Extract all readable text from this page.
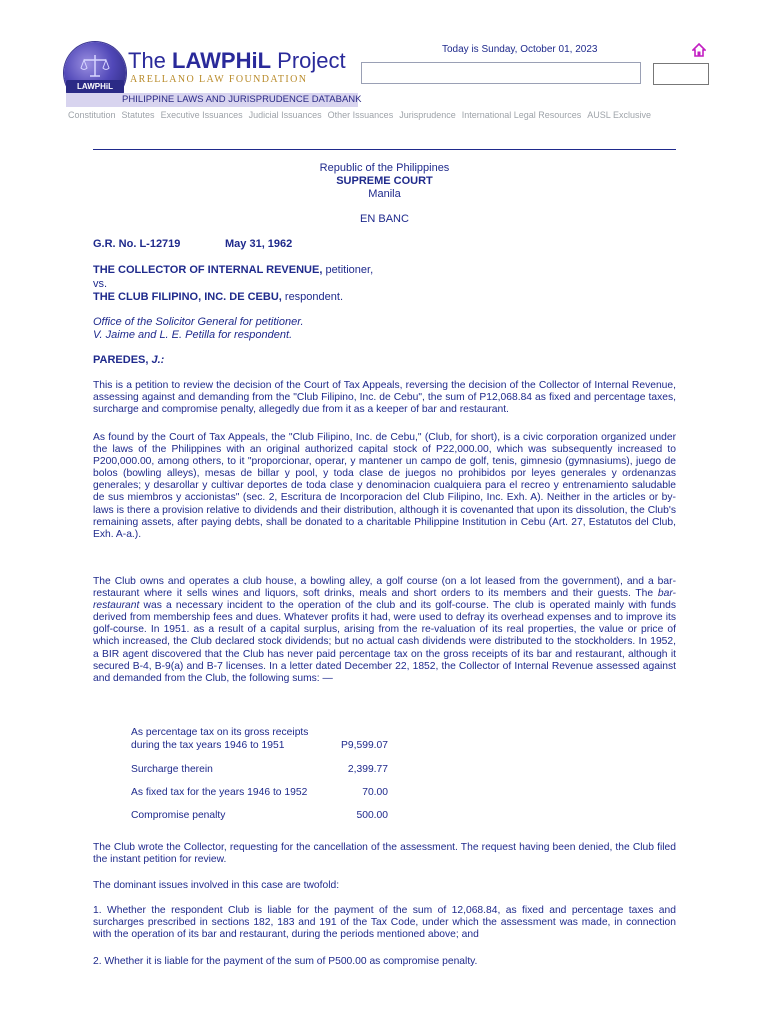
LAWPHiL
The LAWPHiL Project
ARELLANO LAW FOUNDATION
PHILIPPINE LAWS AND JURISPRUDENCE DATABANK
Today is Sunday, October 01, 2023
Constitution Statutes Executive Issuances Judicial Issuances Other Issuances Jurisprudence International Legal Resources AUSL Exclusive
Republic of the Philippines
SUPREME COURT
Manila
EN BANC
G.R. No. L-12719	May 31, 1962
THE COLLECTOR OF INTERNAL REVENUE, petitioner,
vs.
THE CLUB FILIPINO, INC. DE CEBU, respondent.
Office of the Solicitor General for petitioner.
V. Jaime and L. E. Petilla for respondent.
PAREDES, J.:
This is a petition to review the decision of the Court of Tax Appeals, reversing the decision of the Collector of Internal Revenue, assessing against and demanding from the "Club Filipino, Inc. de Cebu", the sum of P12,068.84 as fixed and percentage taxes, surcharge and compromise penalty, allegedly due from it as a keeper of bar and restaurant.
As found by the Court of Tax Appeals, the "Club Filipino, Inc. de Cebu," (Club, for short), is a civic corporation organized under the laws of the Philippines with an original authorized capital stock of P22,000.00, which was subsequently increased to P200,000.00, among others, to it "proporcionar, operar, y mantener un campo de golf, tenis, gimnesio (gymnasiums), juego de bolos (bowling alleys), mesas de billar y pool, y toda clase de juegos no prohibidos por leyes generales y ordenanzas generales; y desarollar y cultivar deportes de toda clase y denominacion cualquiera para el recreo y entrenamiento saludable de sus miembros y accionistas" (sec. 2, Escritura de Incorporacion del Club Filipino, Inc. Exh. A). Neither in the articles or by-laws is there a provision relative to dividends and their distribution, although it is covenanted that upon its dissolution, the Club's remaining assets, after paying debts, shall be donated to a charitable Philippine Institution in Cebu (Art. 27, Estatutos del Club, Exh. A-a.).
The Club owns and operates a club house, a bowling alley, a golf course (on a lot leased from the government), and a bar-restaurant where it sells wines and liquors, soft drinks, meals and short orders to its members and their guests. The bar-restaurant was a necessary incident to the operation of the club and its golf-course. The club is operated mainly with funds derived from membership fees and dues. Whatever profits it had, were used to defray its overhead expenses and to improve its golf-course. In 1951. as a result of a capital surplus, arising from the re-valuation of its real properties, the value or price of which increased, the Club declared stock dividends; but no actual cash dividends were distributed to the stockholders. In 1952, a BIR agent discovered that the Club has never paid percentage tax on the gross receipts of its bar and restaurant, although it secured B-4, B-9(a) and B-7 licenses. In a letter dated December 22, 1852, the Collector of Internal Revenue assessed against and demanded from the Club, the following sums: —
As percentage tax on its gross receipts
during the tax years 1946 to 1951	P9,599.07
Surcharge therein	2,399.77
As fixed tax for the years 1946 to 1952	70.00
Compromise penalty	500.00
The Club wrote the Collector, requesting for the cancellation of the assessment. The request having been denied, the Club filed the instant petition for review.
The dominant issues involved in this case are twofold:
1. Whether the respondent Club is liable for the payment of the sum of 12,068.84, as fixed and percentage taxes and surcharges prescribed in sections 182, 183 and 191 of the Tax Code, under which the assessment was made, in connection with the operation of its bar and restaurant, during the periods mentioned above; and
2. Whether it is liable for the payment of the sum of P500.00 as compromise penalty.
